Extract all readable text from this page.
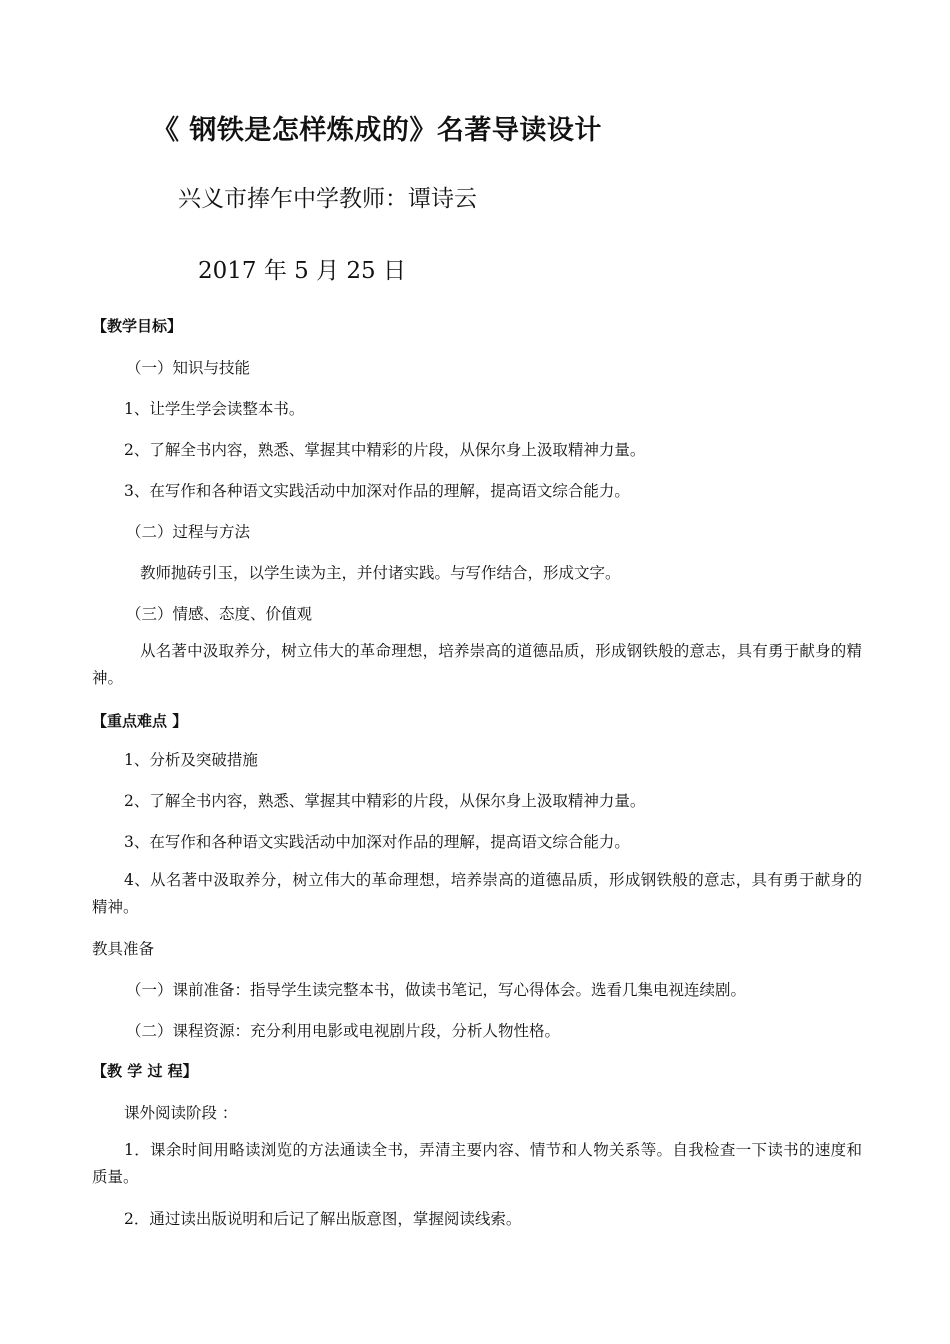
《 钢铁是怎样炼成的》名著导读设计
兴义市捧乍中学教师：谭诗云
2017 年 5 月 25 日
【教学目标】
（一）知识与技能
1、让学生学会读整本书。
2、了解全书内容，熟悉、掌握其中精彩的片段，从保尔身上汲取精神力量。
3、在写作和各种语文实践活动中加深对作品的理解，提高语文综合能力。
（二）过程与方法
教师抛砖引玉，以学生读为主，并付诸实践。与写作结合，形成文字。
（三）情感、态度、价值观
从名著中汲取养分，树立伟大的革命理想，培养崇高的道德品质，形成钢铁般的意志，具有勇于献身的精神。
【重点难点 】
1、分析及突破措施
2、了解全书内容，熟悉、掌握其中精彩的片段，从保尔身上汲取精神力量。
3、在写作和各种语文实践活动中加深对作品的理解，提高语文综合能力。
4、从名著中汲取养分，树立伟大的革命理想，培养崇高的道德品质，形成钢铁般的意志，具有勇于献身的精神。
教具准备
（一）课前准备：指导学生读完整本书，做读书笔记，写心得体会。选看几集电视连续剧。
（二）课程资源：充分利用电影或电视剧片段，分析人物性格。
【教 学 过 程】
课外阅读阶段 ：
1．课余时间用略读浏览的方法通读全书，弄清主要内容、情节和人物关系等。自我检查一下读书的速度和质量。
2．通过读出版说明和后记了解出版意图，掌握阅读线索。
